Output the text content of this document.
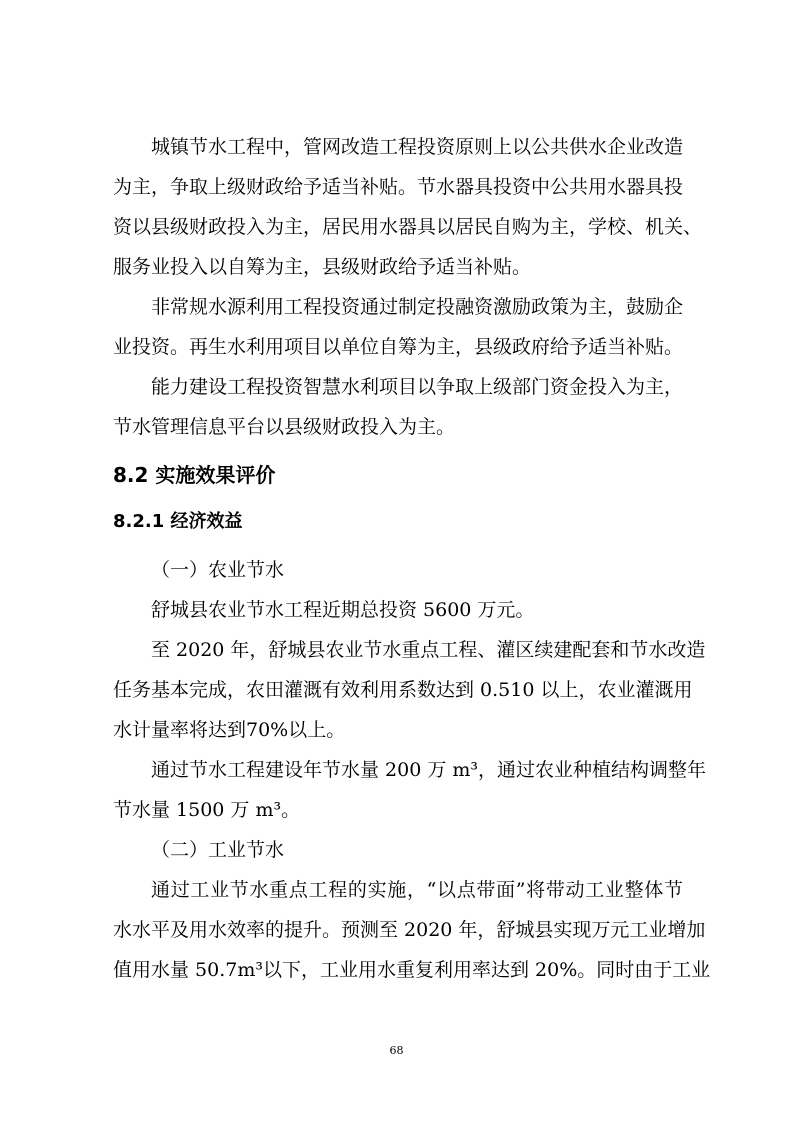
城镇节水工程中，管网改造工程投资原则上以公共供水企业改造
为主，争取上级财政给予适当补贴。节水器具投资中公共用水器具投
资以县级财政投入为主，居民用水器具以居民自购为主，学校、机关、
服务业投入以自筹为主，县级财政给予适当补贴。
非常规水源利用工程投资通过制定投融资激励政策为主，鼓励企
业投资。再生水利用项目以单位自筹为主，县级政府给予适当补贴。
能力建设工程投资智慧水利项目以争取上级部门资金投入为主，
节水管理信息平台以县级财政投入为主。
8.2 实施效果评价
8.2.1 经济效益
（一）农业节水
舒城县农业节水工程近期总投资 5600 万元。
至 2020 年，舒城县农业节水重点工程、灌区续建配套和节水改造
任务基本完成，农田灌溉有效利用系数达到 0.510 以上，农业灌溉用
水计量率将达到70%以上。
通过节水工程建设年节水量 200 万 m³，通过农业种植结构调整年
节水量 1500 万 m³。
（二）工业节水
通过工业节水重点工程的实施，“以点带面”将带动工业整体节
水水平及用水效率的提升。预测至 2020 年，舒城县实现万元工业增加
值用水量 50.7m³以下，工业用水重复利用率达到 20%。同时由于工业
68
